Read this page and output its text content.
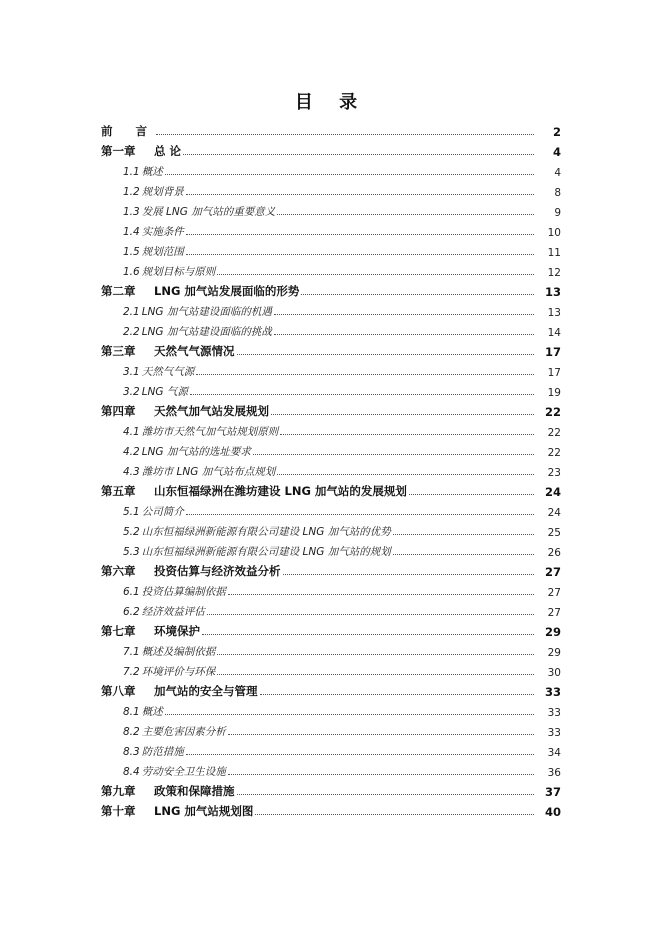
目 录
前　　言	2
第一章 总 论	4
1.1 概述	4
1.2 规划背景	8
1.3 发展 LNG 加气站的重要意义	9
1.4 实施条件	10
1.5 规划范围	11
1.6 规划目标与原则	12
第二章 LNG 加气站发展面临的形势	13
2.1LNG 加气站建设面临的机遇	13
2.2LNG 加气站建设面临的挑战	14
第三章 天然气气源情况	17
3.1 天然气气源	17
3.2 LNG 气源	19
第四章 天然气加气站发展规划	22
4.1 潍坊市天然气加气站规划原则	22
4.2 LNG 加气站的选址要求	22
4.3 潍坊市 LNG 加气站布点规划	23
第五章 山东恒福绿洲在潍坊建设 LNG 加气站的发展规划	24
5.1 公司简介	24
5.2山东恒福绿洲新能源有限公司建设 LNG 加气站的优势	25
5.3 山东恒福绿洲新能源有限公司建设 LNG 加气站的规划	26
第六章 投资估算与经济效益分析	27
6.1 投资估算编制依据	27
6.2 经济效益评估	27
第七章 环境保护	29
7.1 概述及编制依据	29
7.2 环境评价与环保	30
第八章 加气站的安全与管理	33
8.1 概述	33
8.2 主要危害因素分析	33
8.3 防范措施	34
8.4 劳动安全卫生设施	36
第九章 政策和保障措施	37
第十章 LNG 加气站规划图	40
